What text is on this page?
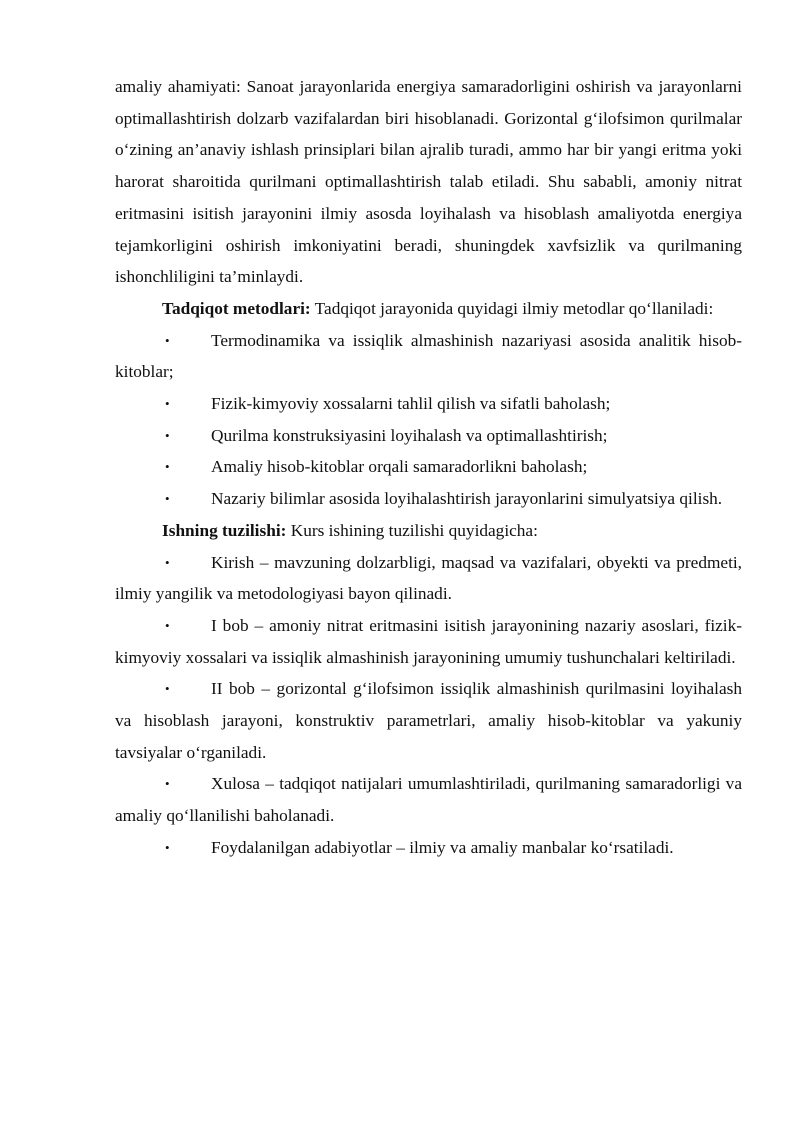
amaliy ahamiyati: Sanoat jarayonlarida energiya samaradorligini oshirish va jarayonlarni optimallashtirish dolzarb vazifalardan biri hisoblanadi. Gorizontal g‘ilofsimon qurilmalar o‘zining an’anaviy ishlash prinsiplari bilan ajralib turadi, ammo har bir yangi eritma yoki harorat sharoitida qurilmani optimallashtirish talab etiladi. Shu sababli, amoniy nitrat eritmasini isitish jarayonini ilmiy asosda loyihalash va hisoblash amaliyotda energiya tejamkorligini oshirish imkoniyatini beradi, shuningdek xavfsizlik va qurilmaning ishonchliligini ta’minlaydi.

Tadqiqot metodlari: Tadqiqot jarayonida quyidagi ilmiy metodlar qo‘llaniladi:

• Termodinamika va issiqlik almashinish nazariyasi asosida analitik hisob-kitoblar;

• Fizik-kimyoviy xossalarni tahlil qilish va sifatli baholash;

• Qurilma konstruksiyasini loyihalash va optimallashtirish;

• Amaliy hisob-kitoblar orqali samaradorlikni baholash;

• Nazariy bilimlar asosida loyihalashtirish jarayonlarini simulyatsiya qilish.

Ishning tuzilishi: Kurs ishining tuzilishi quyidagicha:

• Kirish – mavzuning dolzarbligi, maqsad va vazifalari, obyekti va predmeti, ilmiy yangilik va metodologiyasi bayon qilinadi.

• I bob – amoniy nitrat eritmasini isitish jarayonining nazariy asoslari, fizik-kimyoviy xossalari va issiqlik almashinish jarayonining umumiy tushunchalari keltiriladi.

• II bob – gorizontal g‘ilofsimon issiqlik almashinish qurilmasini loyihalash va hisoblash jarayoni, konstruktiv parametrlari, amaliy hisob-kitoblar va yakuniy tavsiyalar o‘rganiladi.

• Xulosa – tadqiqot natijalari umumlashtiriladi, qurilmaning samaradorligi va amaliy qo‘llanilishi baholanadi.

• Foydalanilgan adabiyotlar – ilmiy va amaliy manbalar ko‘rsatiladi.
